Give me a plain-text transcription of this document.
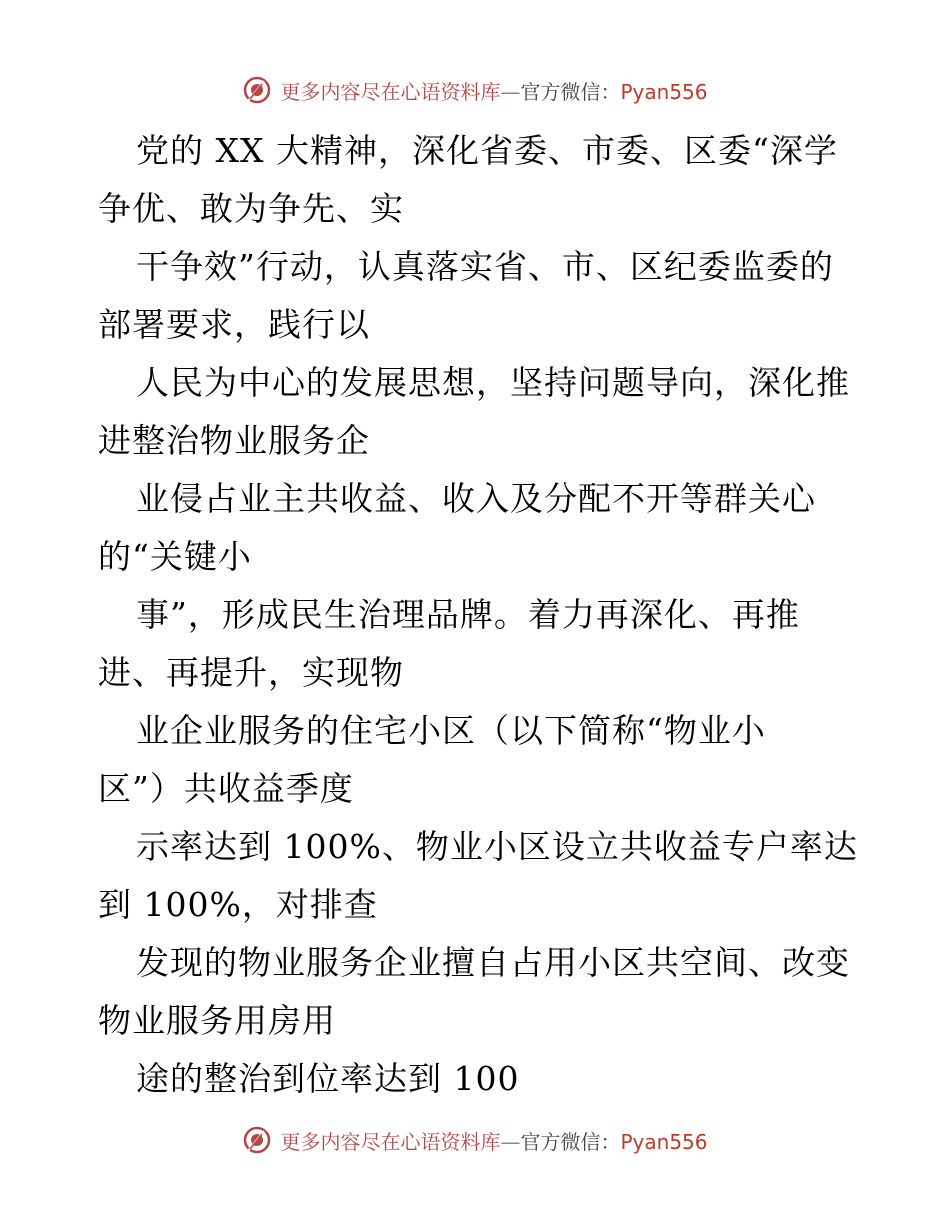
更多内容尽在心语资料库—官方微信：Pyan556
党的 XX 大精神，深化省委、市委、区委“深学
争优、敢为争先、实
干争效”行动，认真落实省、市、区纪委监委的
部署要求，践行以
人民为中心的发展思想，坚持问题导向，深化推
进整治物业服务企
业侵占业主共收益、收入及分配不开等群关心
的“关键小
事”，形成民生治理品牌。着力再深化、再推
进、再提升，实现物
业企业服务的住宅小区（以下简称“物业小
区”）共收益季度
示率达到 100%、物业小区设立共收益专户率达
到 100%，对排查
发现的物业服务企业擅自占用小区共空间、改变
物业服务用房用
途的整治到位率达到 100
更多内容尽在心语资料库—官方微信：Pyan556
